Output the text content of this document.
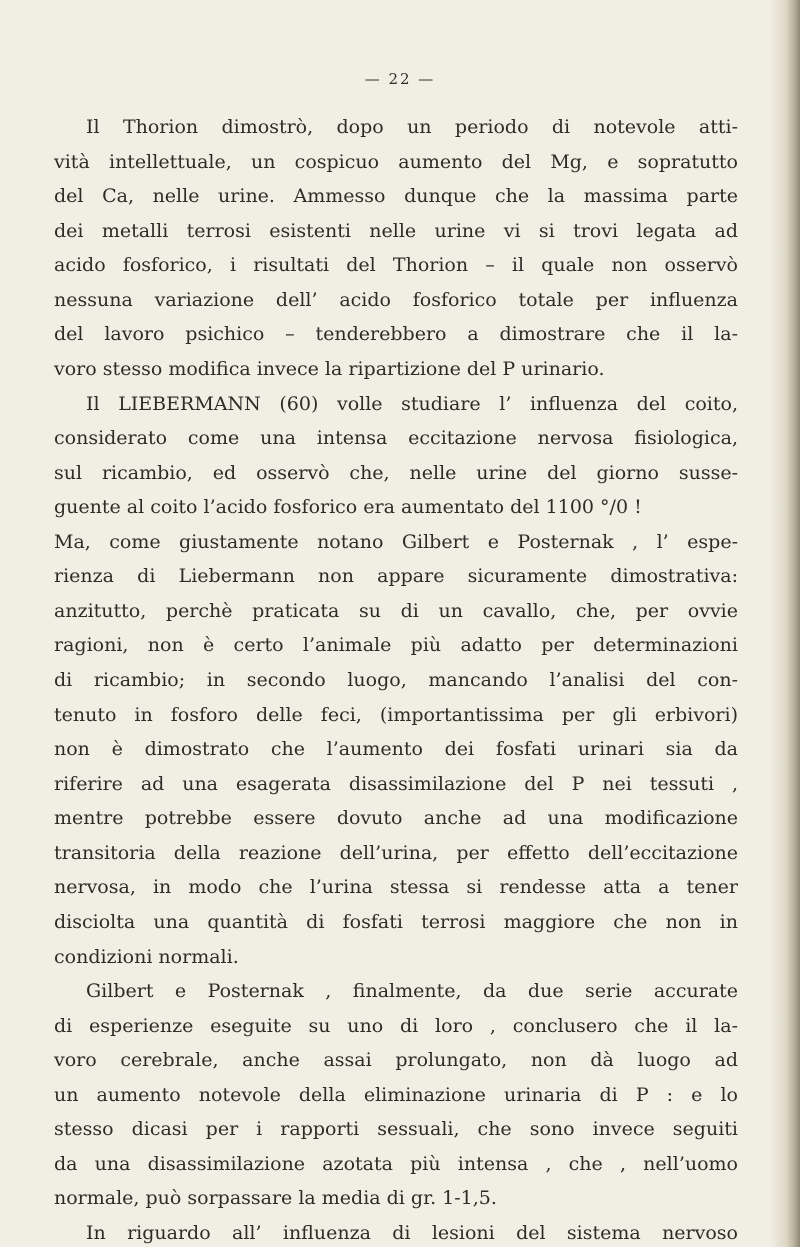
— 22 —
Il Thorion dimostrò, dopo un periodo di notevole atti-
vità intellettuale, un cospicuo aumento del Mg, e sopratutto
del Ca, nelle urine. Ammesso dunque che la massima parte
dei metalli terrosi esistenti nelle urine vi si trovi legata ad
acido fosforico, i risultati del Thorion – il quale non osservò
nessuna variazione dell’ acido fosforico totale per influenza
del lavoro psichico – tenderebbero a dimostrare che il la-
voro stesso modifica invece la ripartizione del P urinario.
Il LIEBERMANN (60) volle studiare l’ influenza del coito,
considerato come una intensa eccitazione nervosa fisiologica,
sul ricambio, ed osservò che, nelle urine del giorno susse-
guente al coito l’acido fosforico era aumentato del 1100 °/0 !
Ma, come giustamente notano Gilbert e Posternak , l’ espe-
rienza di Liebermann non appare sicuramente dimostrativa:
anzitutto, perchè praticata su di un cavallo, che, per ovvie
ragioni, non è certo l’animale più adatto per determinazioni
di ricambio; in secondo luogo, mancando l’analisi del con-
tenuto in fosforo delle feci, (importantissima per gli erbivori)
non è dimostrato che l’aumento dei fosfati urinari sia da
riferire ad una esagerata disassimilazione del P nei tessuti ,
mentre potrebbe essere dovuto anche ad una modificazione
transitoria della reazione dell’urina, per effetto dell’eccitazione
nervosa, in modo che l’urina stessa si rendesse atta a tener
disciolta una quantità di fosfati terrosi maggiore che non in
condizioni normali.
Gilbert e Posternak , finalmente, da due serie accurate
di esperienze eseguite su uno di loro , conclusero che il la-
voro cerebrale, anche assai prolungato, non dà luogo ad
un aumento notevole della eliminazione urinaria di P : e lo
stesso dicasi per i rapporti sessuali, che sono invece seguiti
da una disassimilazione azotata più intensa , che , nell’uomo
normale, può sorpassare la media di gr. 1-1,5.
In riguardo all’ influenza di lesioni del sistema nervoso
